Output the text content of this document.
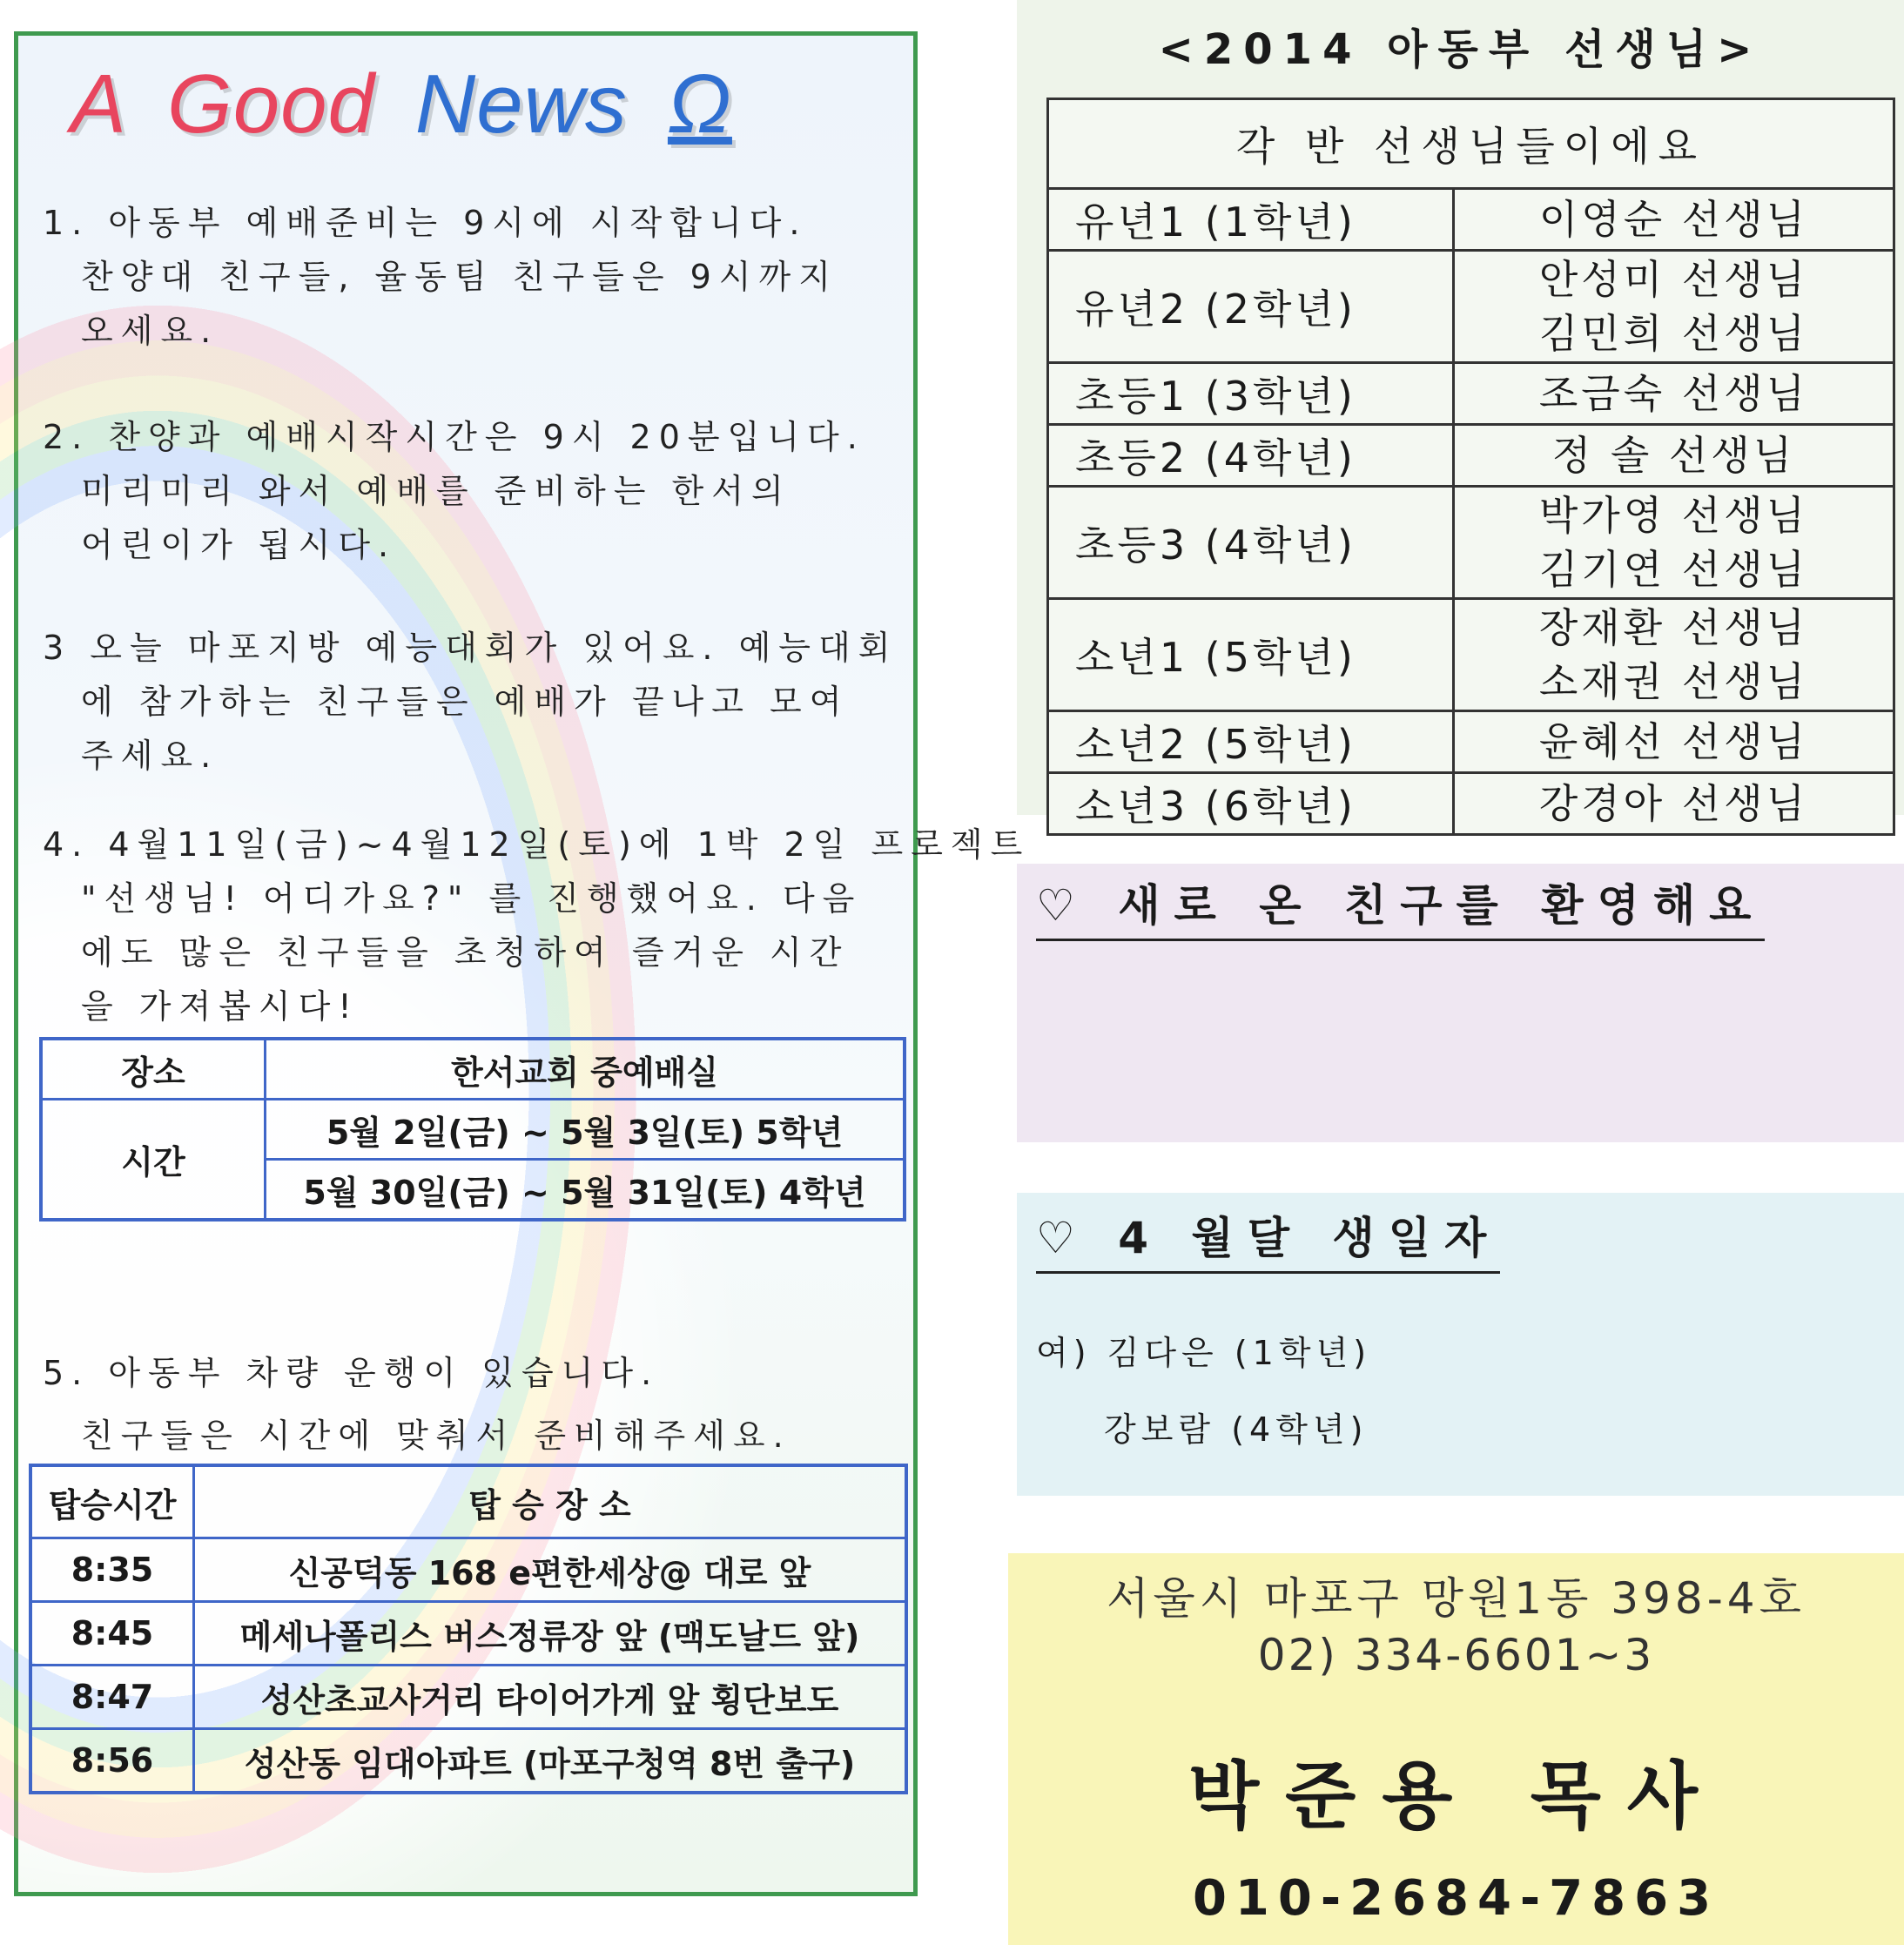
A Good News Ω
1. 아동부 예배준비는 9시에 시작합니다.
찬양대 친구들, 율동팀 친구들은 9시까지
오세요.
2. 찬양과 예배시작시간은 9시 20분입니다.
미리미리 와서 예배를 준비하는 한서의
어린이가 됩시다.
3 오늘 마포지방 예능대회가 있어요. 예능대회
에 참가하는 친구들은 예배가 끝나고 모여
주세요.
4. 4월11일(금)~4월12일(토)에 1박 2일 프로젝트
"선생님! 어디가요?" 를 진행했어요. 다음
에도 많은 친구들을 초청하여 즐거운 시간
을 가져봅시다!
장소	한서교회 중예배실
시간	5월 2일(금) ~ 5월 3일(토) 5학년
	5월 30일(금) ~ 5월 31일(토) 4학년
5. 아동부 차량 운행이 있습니다.
친구들은 시간에 맞춰서 준비해주세요.
탑승시간	탑 승 장 소
8:35	신공덕동 168 e편한세상@ 대로 앞
8:45	메세나폴리스 버스정류장 앞 (맥도날드 앞)
8:47	성산초교사거리 타이어가게 앞 횡단보도
8:56	성산동 임대아파트 (마포구청역 8번 출구)
<2014 아동부 선생님>
각 반 선생님들이에요	
유년1 (1학년)	이영순 선생님

유년2 (2학년)	안성미 선생님
김민희 선생님

초등1 (3학년)	조금숙 선생님

초등2 (4학년)	정 솔 선생님

초등3 (4학년)	박가영 선생님
김기연 선생님

소년1 (5학년)	장재환 선생님
소재권 선생님

소년2 (5학년)	윤혜선 선생님

소년3 (6학년)	강경아 선생님
♡ 새로 온 친구를 환영해요
♡ 4 월달 생일자
여) 김다은 (1학년)
강보람 (4학년)
서울시 마포구 망원1동 398-4호
02) 334-6601~3
박준용 목사
010-2684-7863
